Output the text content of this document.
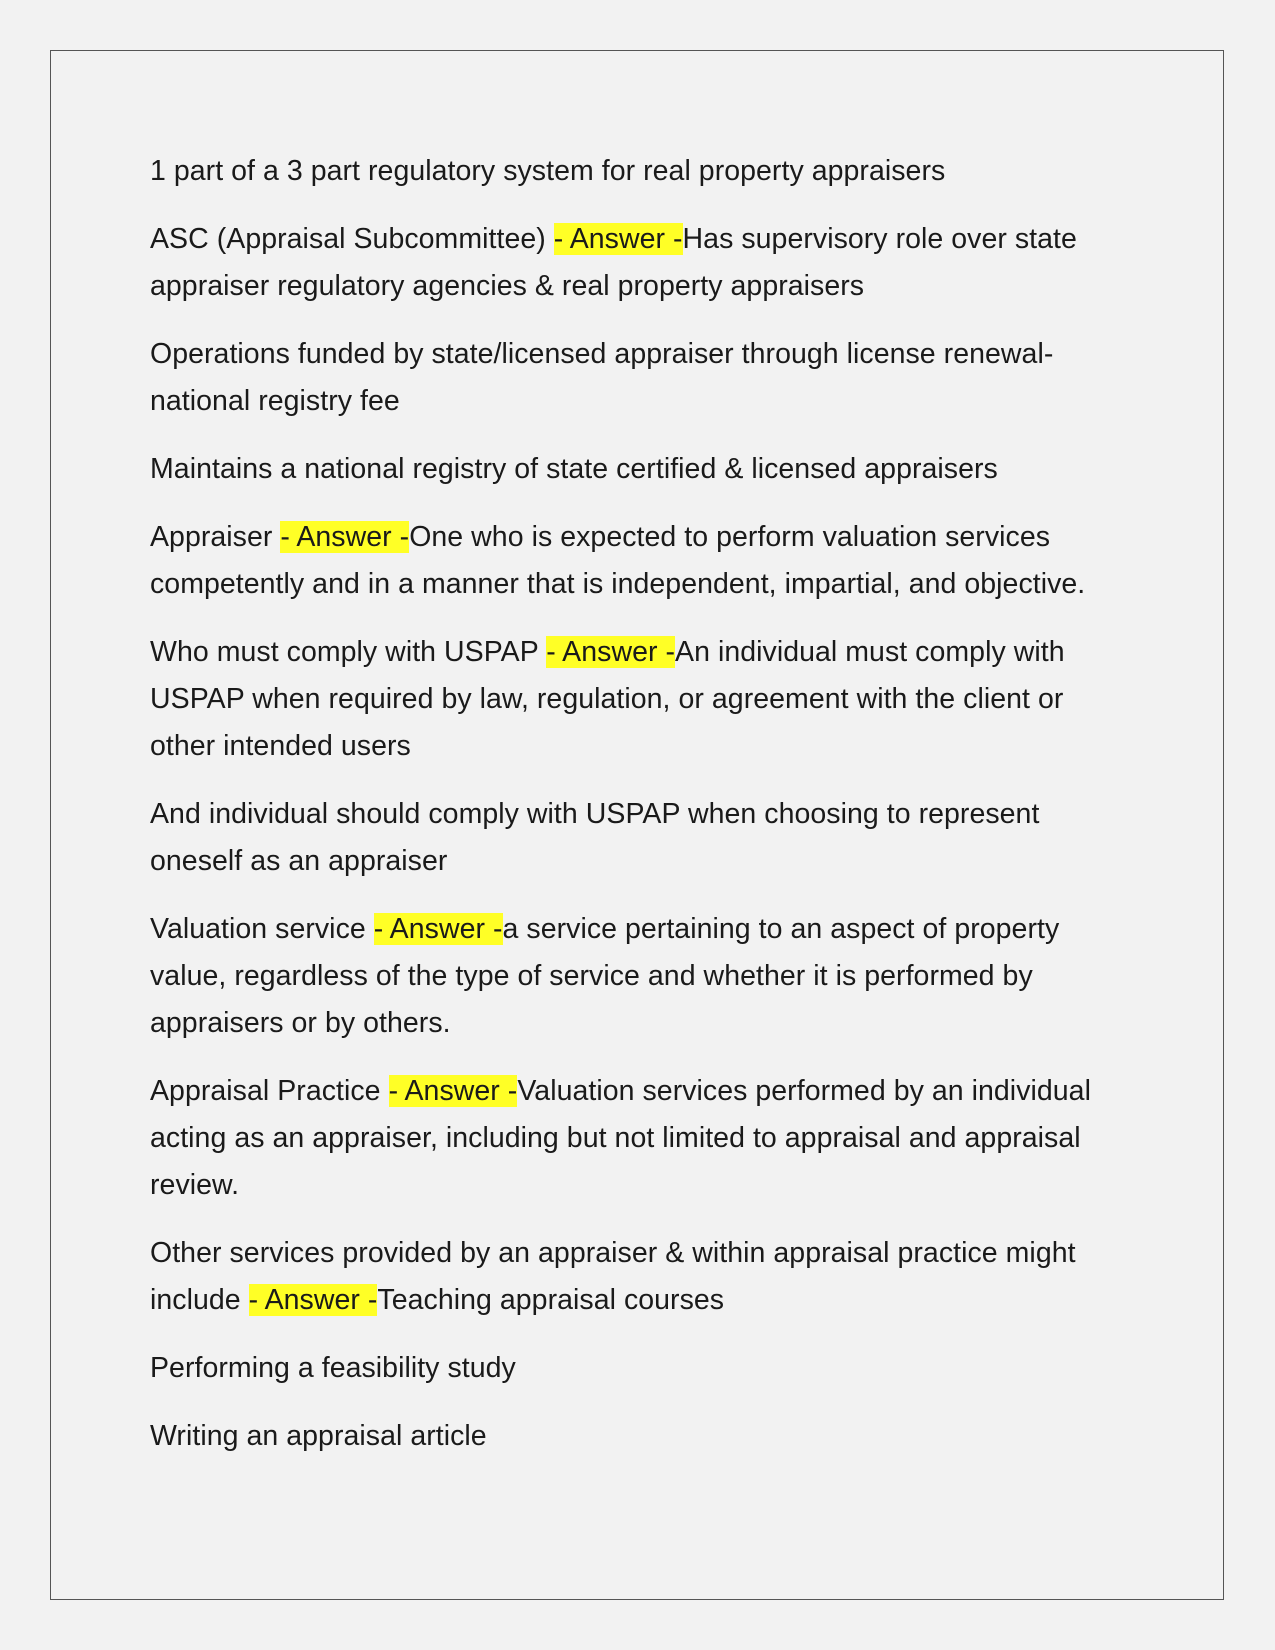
1 part of a 3 part regulatory system for real property appraisers

ASC (Appraisal Subcommittee) - Answer -Has supervisory role over state appraiser regulatory agencies & real property appraisers

Operations funded by state/licensed appraiser through license renewal- national registry fee

Maintains a national registry of state certified & licensed appraisers

Appraiser - Answer -One who is expected to perform valuation services competently and in a manner that is independent, impartial, and objective.

Who must comply with USPAP - Answer -An individual must comply with USPAP when required by law, regulation, or agreement with the client or other intended users

And individual should comply with USPAP when choosing to represent oneself as an appraiser

Valuation service - Answer -a service pertaining to an aspect of property value, regardless of the type of service and whether it is performed by appraisers or by others.

Appraisal Practice - Answer -Valuation services performed by an individual acting as an appraiser, including but not limited to appraisal and appraisal review.

Other services provided by an appraiser & within appraisal practice might include - Answer -Teaching appraisal courses

Performing a feasibility study

Writing an appraisal article
